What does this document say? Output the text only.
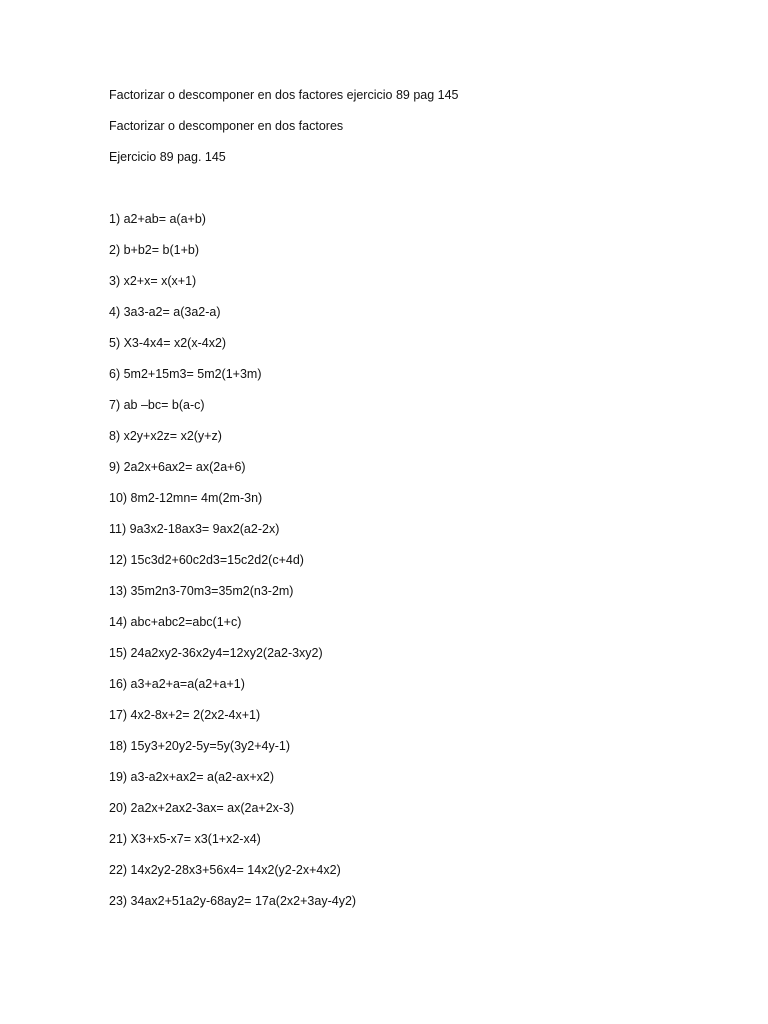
Factorizar o descomponer en dos factores ejercicio 89 pag 145
Factorizar o descomponer en dos factores
Ejercicio 89 pag. 145
1) a2+ab= a(a+b)
2) b+b2= b(1+b)
3) x2+x= x(x+1)
4) 3a3-a2= a(3a2-a)
5) X3-4x4= x2(x-4x2)
6) 5m2+15m3= 5m2(1+3m)
7) ab –bc= b(a-c)
8) x2y+x2z= x2(y+z)
9) 2a2x+6ax2= ax(2a+6)
10) 8m2-12mn= 4m(2m-3n)
11) 9a3x2-18ax3= 9ax2(a2-2x)
12) 15c3d2+60c2d3=15c2d2(c+4d)
13) 35m2n3-70m3=35m2(n3-2m)
14) abc+abc2=abc(1+c)
15) 24a2xy2-36x2y4=12xy2(2a2-3xy2)
16) a3+a2+a=a(a2+a+1)
17) 4x2-8x+2= 2(2x2-4x+1)
18) 15y3+20y2-5y=5y(3y2+4y-1)
19) a3-a2x+ax2= a(a2-ax+x2)
20) 2a2x+2ax2-3ax= ax(2a+2x-3)
21) X3+x5-x7= x3(1+x2-x4)
22) 14x2y2-28x3+56x4= 14x2(y2-2x+4x2)
23) 34ax2+51a2y-68ay2= 17a(2x2+3ay-4y2)
